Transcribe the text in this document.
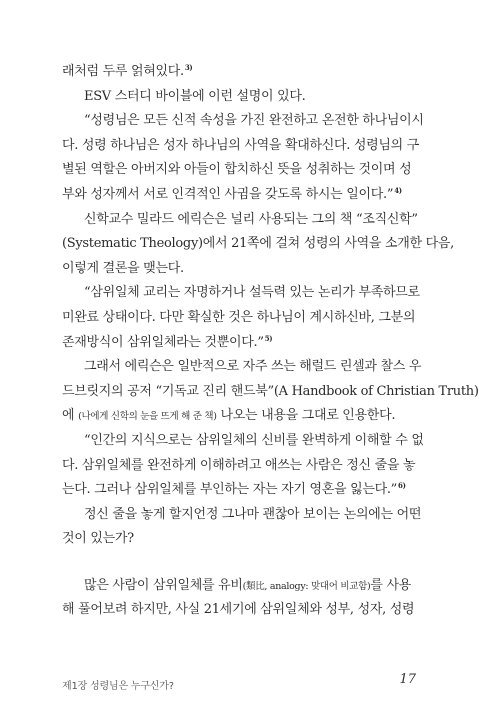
래처럼 두루 얽혀있다.$^{3)}$
ESV 스터디 바이블에 이런 설명이 있다.
“성령님은 모든 신적 속성을 가진 완전하고 온전한 하나님이시
다. 성령 하나님은 성자 하나님의 사역을 확대하신다. 성령님의 구
별된 역할은 아버지와 아들이 합치하신 뜻을 성취하는 것이며 성
부와 성자께서 서로 인격적인 사귐을 갖도록 하시는 일이다.”$^{4)}$
신학교수 밀라드 에릭슨은 널리 사용되는 그의 책 “조직신학”
(Systematic Theology)에서 21쪽에 걸쳐 성령의 사역을 소개한 다음,
이렇게 결론을 맺는다.
“삼위일체 교리는 자명하거나 설득력 있는 논리가 부족하므로
미완료 상태이다. 다만 확실한 것은 하나님이 계시하신바, 그분의
존재방식이 삼위일체라는 것뿐이다.”$^{5)}$
그래서 에릭슨은 일반적으로 자주 쓰는 해럴드 린셀과 찰스 우
드브릿지의 공저 “기독교 진리 핸드북”(A Handbook of Christian Truth)
에 (나에게 신학의 눈을 뜨게 해 준 책) 나오는 내용을 그대로 인용한다.
“인간의 지식으로는 삼위일체의 신비를 완벽하게 이해할 수 없
다. 삼위일체를 완전하게 이해하려고 애쓰는 사람은 정신 줄을 놓
는다. 그러나 삼위일체를 부인하는 자는 자기 영혼을 잃는다.”$^{6)}$
정신 줄을 놓게 할지언정 그나마 괜찮아 보이는 논의에는 어떤
것이 있는가?
많은 사람이 삼위일체를 유비(類比, analogy: 맞대어 비교함)를 사용
해 풀어보려 하지만, 사실 21세기에 삼위일체와 성부, 성자, 성령
제1장 성령님은 누구신가?	17
